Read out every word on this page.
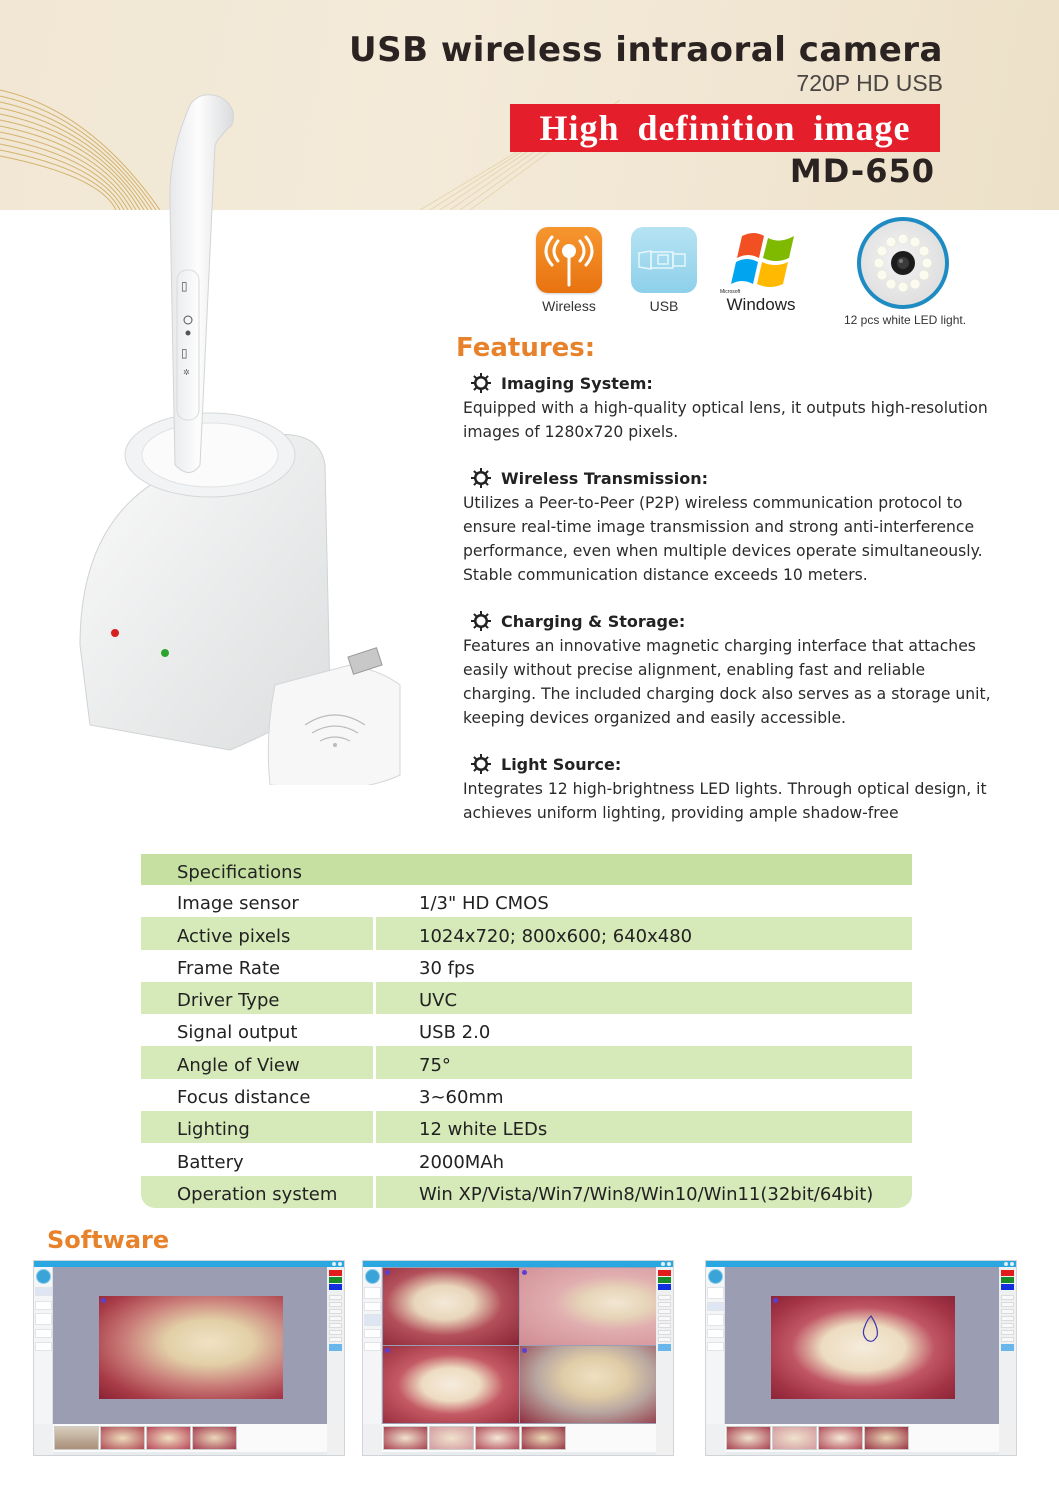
USB wireless intraoral camera
720P HD USB
High definition image
MD-650
▯
▯
✲
Wireless	USB
Microsoft
Windows
12 pcs white LED light.
Features:
Imaging System:
Equipped with a high-quality optical lens, it outputs high-resolution
images of 1280x720 pixels.
Wireless Transmission:
Utilizes a Peer-to-Peer (P2P) wireless communication protocol to
ensure real-time image transmission and strong anti-interference
performance, even when multiple devices operate simultaneously.
Stable communication distance exceeds 10 meters.
Charging & Storage:
Features an innovative magnetic charging interface that attaches
easily without precise alignment, enabling fast and reliable
charging. The included charging dock also serves as a storage unit,
keeping devices organized and easily accessible.
Light Source:
Integrates 12 high-brightness LED lights. Through optical design, it
achieves uniform lighting, providing ample shadow-free
Specifications
Image sensor	1/3" HD CMOS
Active pixels	1024x720; 800x600; 640x480
Frame Rate	30 fps
Driver Type	UVC
Signal output	USB 2.0
Angle of View	75°
Focus distance	3~60mm
Lighting	12 white LEDs
Battery	2000MAh
Operation system	Win XP/Vista/Win7/Win8/Win10/Win11(32bit/64bit)
Software
